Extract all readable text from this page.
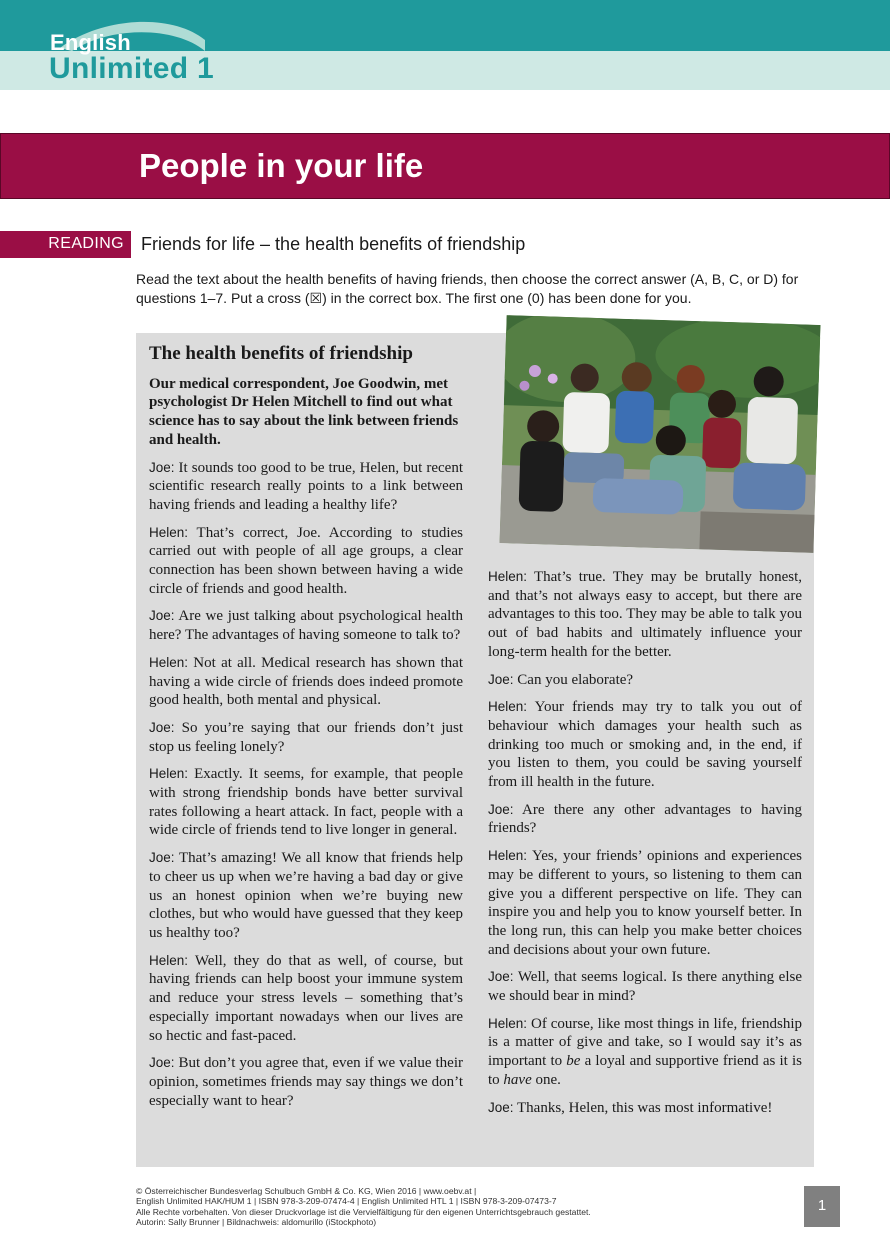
English
Unlimited 1
People in your life
READING Friends for life – the health benefits of friendship
Read the text about the health benefits of having friends, then choose the correct answer (A, B, C, or D) for questions 1–7. Put a cross (☒) in the correct box. The first one (0) has been done for you.

The health benefits of friendship

Our medical correspondent, Joe Goodwin, met psychologist Dr Helen Mitchell to find out what science has to say about the link between friends and health.

Joe: It sounds too good to be true, Helen, but recent scientific research really points to a link between having friends and leading a healthy life?

Helen: That’s correct, Joe. According to studies carried out with people of all age groups, a clear connection has been shown between having a wide circle of friends and good health.

Joe: Are we just talking about psychological health here? The advantages of having someone to talk to?

Helen: Not at all. Medical research has shown that having a wide circle of friends does indeed promote good health, both mental and physical.

Joe: So you’re saying that our friends don’t just stop us feeling lonely?

Helen: Exactly. It seems, for example, that people with strong friendship bonds have better survival rates following a heart attack. In fact, people with a wide circle of friends tend to live longer in general.

Joe: That’s amazing! We all know that friends help to cheer us up when we’re having a bad day or give us an honest opinion when we’re buying new clothes, but who would have guessed that they keep us healthy too?

Helen: Well, they do that as well, of course, but having friends can help boost your immune system and reduce your stress levels – something that’s especially important nowadays when our lives are so hectic and fast-paced.

Joe: But don’t you agree that, even if we value their opinion, sometimes friends may say things we don’t especially want to hear?

Helen: That’s true. They may be brutally honest, and that’s not always easy to accept, but there are advantages to this too. They may be able to talk you out of bad habits and ultimately influence your long-term health for the better.

Joe: Can you elaborate?

Helen: Your friends may try to talk you out of behaviour which damages your health such as drinking too much or smoking and, in the end, if you listen to them, you could be saving yourself from ill health in the future.

Joe: Are there any other advantages to having friends?

Helen: Yes, your friends’ opinions and experiences may be different to yours, so listening to them can give you a different perspective on life. They can inspire you and help you to know yourself better. In the long run, this can help you make better choices and decisions about your own future.

Joe: Well, that seems logical. Is there anything else we should bear in mind?

Helen: Of course, like most things in life, friendship is a matter of give and take, so I would say it’s as important to be a loyal and supportive friend as it is to have one.

Joe: Thanks, Helen, this was most informative!

© Österreichischer Bundesverlag Schulbuch GmbH & Co. KG, Wien 2016 | www.oebv.at |
English Unlimited HAK/HUM 1 | ISBN 978-3-209-07474-4 | English Unlimited HTL 1 | ISBN 978-3-209-07473-7
Alle Rechte vorbehalten. Von dieser Druckvorlage ist die Vervielfältigung für den eigenen Unterrichtsgebrauch gestattet.
Autorin: Sally Brunner | Bildnachweis: aldomurillo (iStockphoto)
1
